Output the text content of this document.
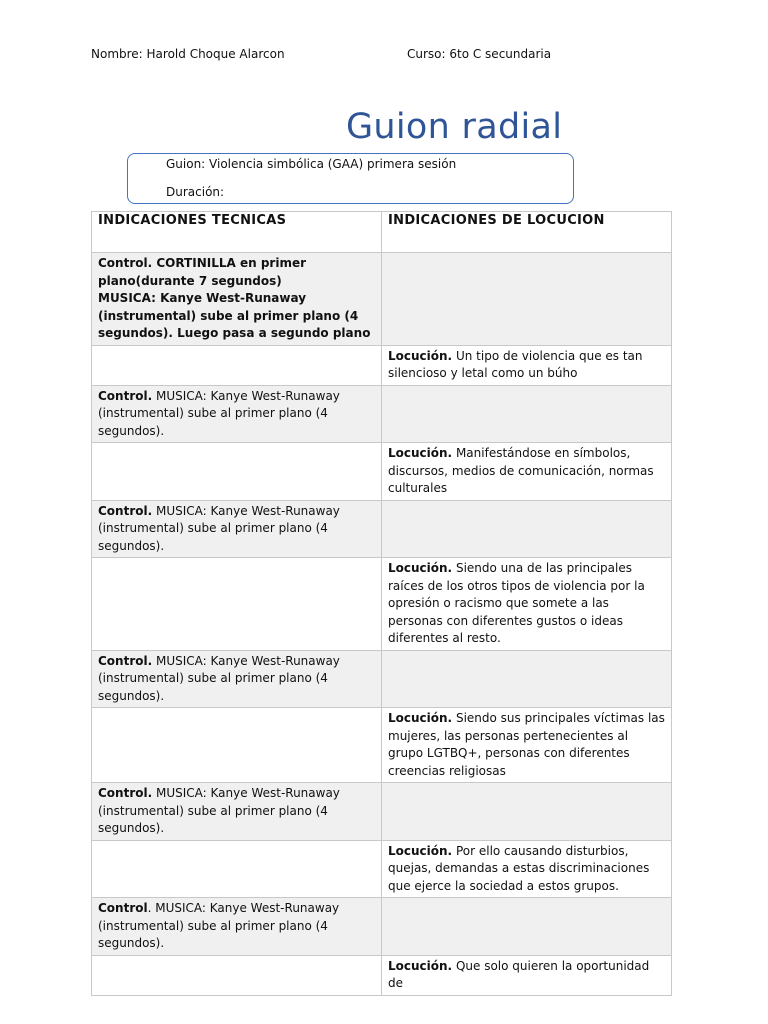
Nombre: Harold Choque Alarcon	Curso: 6to C secundaria
Guion radial
Guion: Violencia simbólica (GAA) primera sesión
Duración:
INDICACIONES TECNICAS	INDICACIONES DE LOCUCION
Control. CORTINILLA en primer plano(durante 7 segundos)
MUSICA: Kanye West-Runaway (instrumental) sube al primer plano (4 segundos). Luego pasa a segundo plano	
	Locución. Un tipo de violencia que es tan silencioso y letal como un búho
Control. MUSICA: Kanye West-Runaway (instrumental) sube al primer plano (4 segundos).	
	Locución. Manifestándose en símbolos, discursos, medios de comunicación, normas culturales
Control. MUSICA: Kanye West-Runaway (instrumental) sube al primer plano (4 segundos).	
	Locución. Siendo una de las principales raíces de los otros tipos de violencia por la opresión o racismo que somete a las personas con diferentes gustos o ideas diferentes al resto.
Control. MUSICA: Kanye West-Runaway (instrumental) sube al primer plano (4 segundos).	
	Locución. Siendo sus principales víctimas las mujeres, las personas pertenecientes al grupo LGTBQ+, personas con diferentes creencias religiosas
Control. MUSICA: Kanye West-Runaway (instrumental) sube al primer plano (4 segundos).	
	Locución. Por ello causando disturbios, quejas, demandas a estas discriminaciones que ejerce la sociedad a estos grupos.
Control. MUSICA: Kanye West-Runaway (instrumental) sube al primer plano (4 segundos).	
	Locución. Que solo quieren la oportunidad de
